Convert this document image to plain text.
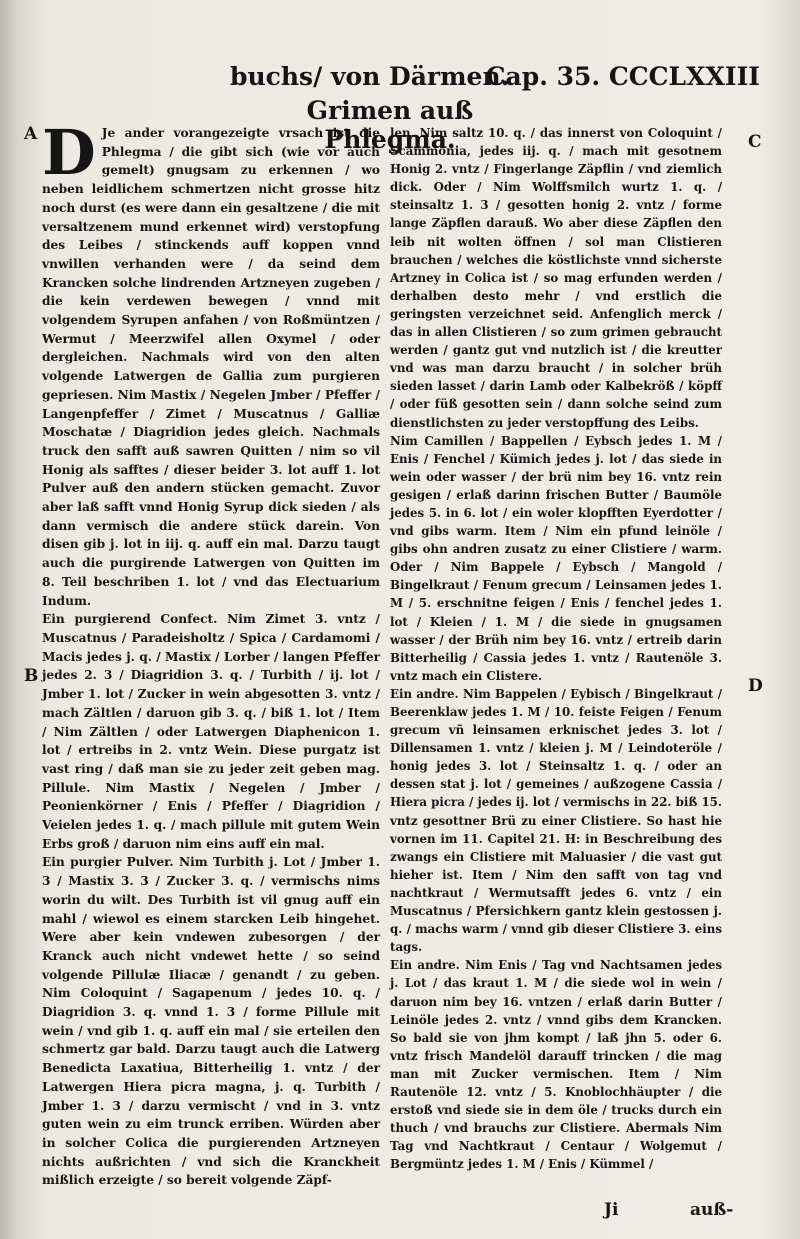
buchs/ von Därmen.
Cap. 35. CCCLXXIII
Grimen auß Phlegma.
A
B
C
D
D Je ander vorangezeigte vrsach ist die Phlegma / die gibt sich (wie vor auch gemelt) gnugsam zu erkennen / wo neben leidlichem schmertzen nicht grosse hitz noch durst (es were dann ein gesaltzene / die mit versaltzenem mund erkennet wird) verstopfung des Leibes / stinckends auff koppen vnnd vnwillen verhanden were / da seind dem Krancken solche lindrenden Artzneyen zugeben / die kein verdewen bewegen / vnnd mit volgendem Syrupen anfahen / von Roßmüntzen / Wermut / Meerzwifel allen Oxymel / oder dergleichen. Nachmals wird von den alten volgende Latwergen de Gallia zum purgieren gepriesen. Nim Mastix / Negelen Jmber / Pfeffer / Langenpfeffer / Zimet / Muscatnus / Galliæ Moschatæ / Diagridion jedes gleich. Nachmals truck den safft auß sawren Quitten / nim so vil Honig als safftes / dieser beider 3. lot auff 1. lot Pulver auß den andern stücken gemacht. Zuvor aber laß safft vnnd Honig Syrup dick sieden / als dann vermisch die andere stück darein. Von disen gib j. lot in iij. q. auff ein mal. Darzu taugt auch die purgirende Latwergen von Quitten im 8. Teil beschriben 1. lot / vnd das Electuarium Indum.

Ein purgierend Confect. Nim Zimet 3. vntz / Muscatnus / Paradeisholtz / Spica / Cardamomi / Macis jedes j. q. / Mastix / Lorber / langen Pfeffer jedes 2. 3 / Diagridion 3. q. / Turbith / ij. lot / Jmber 1. lot / Zucker in wein abgesotten 3. vntz / mach Zältlen / daruon gib 3. q. / biß 1. lot / Item / Nim Zältlen / oder Latwergen Diaphenicon 1. lot / ertreibs in 2. vntz Wein. Diese purgatz ist vast ring / daß man sie zu jeder zeit geben mag. Pillule. Nim Mastix / Negelen / Jmber / Peonienkörner / Enis / Pfeffer / Diagridion / Veielen jedes 1. q. / mach pillule mit gutem Wein Erbs groß / daruon nim eins auff ein mal.

Ein purgier Pulver. Nim Turbith j. Lot / Jmber 1. 3 / Mastix 3. 3 / Zucker 3. q. / vermischs nims worin du wilt. Des Turbith ist vil gnug auff ein mahl / wiewol es einem starcken Leib hingehet. Were aber kein vndewen zubesorgen / der Kranck auch nicht vndewet hette / so seind volgende Pillulæ Iliacæ / genandt / zu geben. Nim Coloquint / Sagapenum / jedes 10. q. / Diagridion 3. q. vnnd 1. 3 / forme Pillule mit wein / vnd gib 1. q. auff ein mal / sie erteilen den schmertz gar bald. Darzu taugt auch die Latwerg Benedicta Laxatiua, Bitterheilig 1. vntz / der Latwergen Hiera picra magna, j. q. Turbith / Jmber 1. 3 / darzu vermischt / vnd in 3. vntz guten wein zu eim trunck erriben. Würden aber in solcher Colica die purgierenden Artzneyen nichts außrichten / vnd sich die Kranckheit mißlich erzeigte / so bereit volgende Zäpf-

len. Nim saltz 10. q. / das innerst von Coloquint / Scammonia, jedes iij. q. / mach mit gesotnem Honig 2. vntz / Fingerlange Zäpflin / vnd ziemlich dick. Oder / Nim Wolffsmilch wurtz 1. q. / steinsaltz 1. 3 / gesotten honig 2. vntz / forme lange Zäpflen darauß. Wo aber diese Zäpflen den leib nit wolten öffnen / sol man Clistieren brauchen / welches die köstlichste vnnd sicherste Artzney in Colica ist / so mag erfunden werden / derhalben desto mehr / vnd erstlich die geringsten verzeichnet seid. Anfenglich merck / das in allen Clistieren / so zum grimen gebraucht werden / gantz gut vnd nutzlich ist / die kreutter vnd was man darzu braucht / in solcher brüh sieden lasset / darin Lamb oder Kalbekröß / köpff / oder füß gesotten sein / dann solche seind zum dienstlichsten zu jeder verstopffung des Leibs.

Nim Camillen / Bappellen / Eybsch jedes 1. M / Enis / Fenchel / Kümich jedes j. lot / das siede in wein oder wasser / der brü nim bey 16. vntz rein gesigen / erlaß darinn frischen Butter / Baumöle jedes 5. in 6. lot / ein woler klopfften Eyerdotter / vnd gibs warm. Item / Nim ein pfund leinöle / gibs ohn andren zusatz zu einer Clistiere / warm. Oder / Nim Bappele / Eybsch / Mangold / Bingelkraut / Fenum grecum / Leinsamen jedes 1. M / 5. erschnitne feigen / Enis / fenchel jedes 1. lot / Kleien / 1. M / die siede in gnugsamen wasser / der Brüh nim bey 16. vntz / ertreib darin Bitterheilig / Cassia jedes 1. vntz / Rautenöle 3. vntz mach ein Clistere.

Ein andre. Nim Bappelen / Eybisch / Bingelkraut / Beerenklaw jedes 1. M / 10. feiste Feigen / Fenum grecum vñ leinsamen erknischet jedes 3. lot / Dillensamen 1. vntz / kleien j. M / Leindoteröle / honig jedes 3. lot / Steinsaltz 1. q. / oder an dessen stat j. lot / gemeines / außzogene Cassia / Hiera picra / jedes ij. lot / vermischs in 22. biß 15. vntz gesottner Brü zu einer Clistiere. So hast hie vornen im 11. Capitel 21. H: in Beschreibung des zwangs ein Clistiere mit Maluasier / die vast gut hieher ist. Item / Nim den safft von tag vnd nachtkraut / Wermutsafft jedes 6. vntz / ein Muscatnus / Pfersichkern gantz klein gestossen j. q. / machs warm / vnnd gib dieser Clistiere 3. eins tags.

Ein andre. Nim Enis / Tag vnd Nachtsamen jedes j. Lot / das kraut 1. M / die siede wol in wein / daruon nim bey 16. vntzen / erlaß darin Butter / Leinöle jedes 2. vntz / vnnd gibs dem Krancken. So bald sie von jhm kompt / laß jhn 5. oder 6. vntz frisch Mandelöl darauff trincken / die mag man mit Zucker vermischen. Item / Nim Rautenöle 12. vntz / 5. Knoblochhäupter / die erstoß vnd siede sie in dem öle / trucks durch ein thuch / vnd brauchs zur Clistiere. Abermals Nim Tag vnd Nachtkraut / Centaur / Wolgemut / Bergmüntz jedes 1. M / Enis / Kümmel /

Ji	auß-
